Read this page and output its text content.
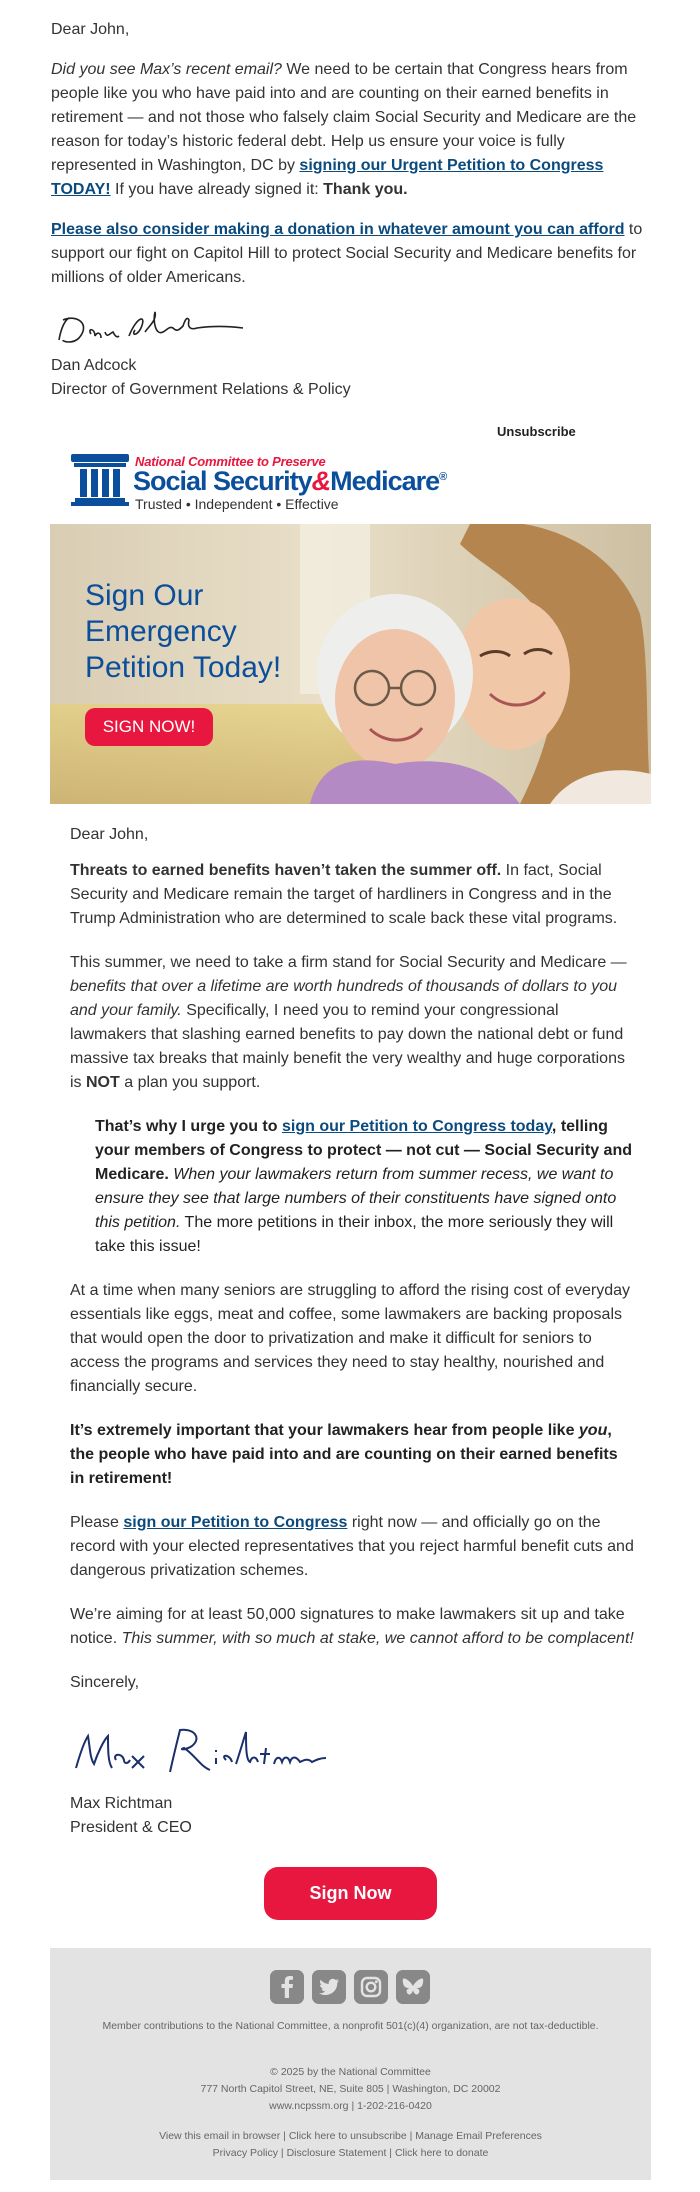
Dear John,

Did you see Max’s recent email? We need to be certain that Congress hears from people like you who have paid into and are counting on their earned benefits in retirement — and not those who falsely claim Social Security and Medicare are the reason for today’s historic federal debt. Help us ensure your voice is fully represented in Washington, DC by signing our Urgent Petition to Congress TODAY! If you have already signed it: Thank you.

Please also consider making a donation in whatever amount you can afford to support our fight on Capitol Hill to protect Social Security and Medicare benefits for millions of older Americans.

Dan Adcock
Director of Government Relations & Policy
Unsubscribe
National Committee to Preserve
Social Security&Medicare®
Trusted • Independent • Effective
Sign Our Emergency Petition Today!
SIGN NOW!

Dear John,

Threats to earned benefits haven’t taken the summer off. In fact, Social Security and Medicare remain the target of hardliners in Congress and in the Trump Administration who are determined to scale back these vital programs.

This summer, we need to take a firm stand for Social Security and Medicare — benefits that over a lifetime are worth hundreds of thousands of dollars to you and your family. Specifically, I need you to remind your congressional lawmakers that slashing earned benefits to pay down the national debt or fund massive tax breaks that mainly benefit the very wealthy and huge corporations is NOT a plan you support.

That’s why I urge you to sign our Petition to Congress today, telling your members of Congress to protect — not cut — Social Security and Medicare. When your lawmakers return from summer recess, we want to ensure they see that large numbers of their constituents have signed onto this petition. The more petitions in their inbox, the more seriously they will take this issue!

At a time when many seniors are struggling to afford the rising cost of everyday essentials like eggs, meat and coffee, some lawmakers are backing proposals that would open the door to privatization and make it difficult for seniors to access the programs and services they need to stay healthy, nourished and financially secure.

It’s extremely important that your lawmakers hear from people like you, the people who have paid into and are counting on their earned benefits in retirement!

Please sign our Petition to Congress right now — and officially go on the record with your elected representatives that you reject harmful benefit cuts and dangerous privatization schemes.

We’re aiming for at least 50,000 signatures to make lawmakers sit up and take notice. This summer, with so much at stake, we cannot afford to be complacent!

Sincerely,

Max Richtman
President & CEO
Sign Now
Member contributions to the National Committee, a nonprofit 501(c)(4) organization, are not tax-deductible.
© 2025 by the National Committee
777 North Capitol Street, NE, Suite 805 | Washington, DC 20002
www.ncpssm.org | 1-202-216-0420
View this email in browser | Click here to unsubscribe | Manage Email Preferences
Privacy Policy | Disclosure Statement | Click here to donate
